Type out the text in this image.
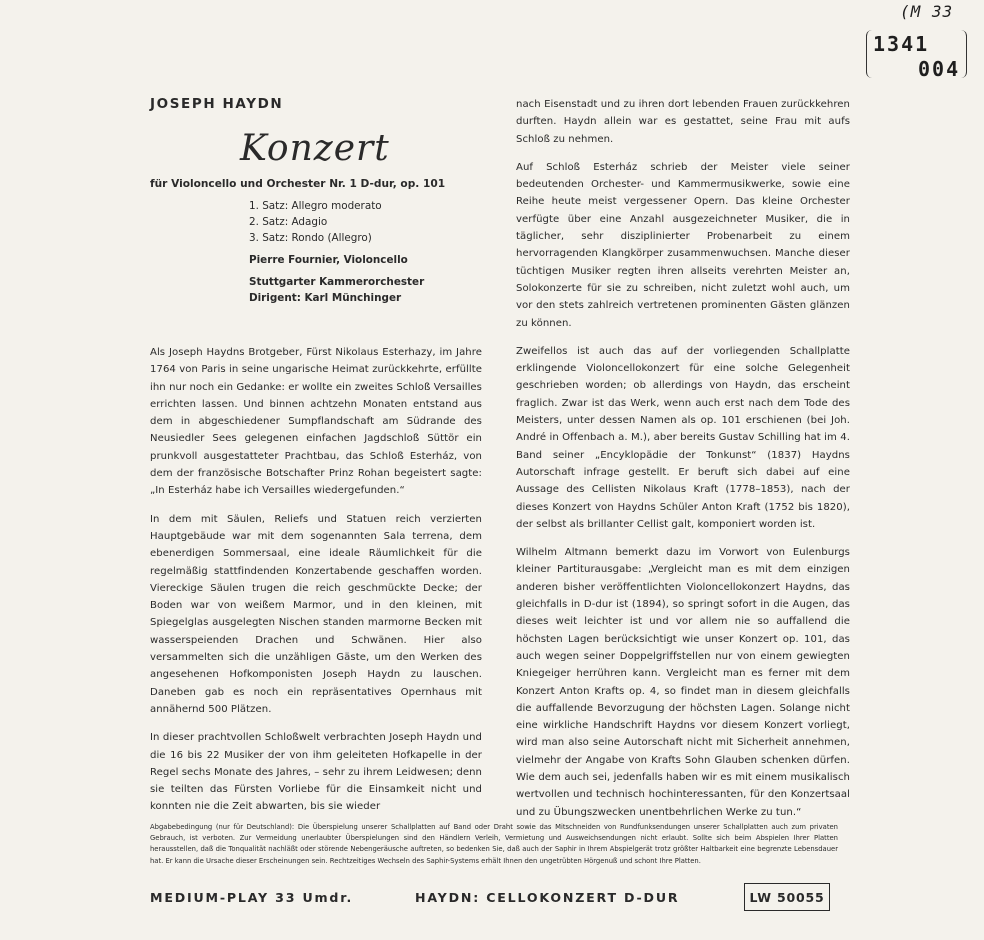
(M 33
1341
004
JOSEPH HAYDN
Konzert
für Violoncello und Orchester Nr. 1 D-dur, op. 101
1. Satz: Allegro moderato
2. Satz: Adagio
3. Satz: Rondo (Allegro)
Pierre Fournier, Violoncello
Stuttgarter Kammerorchester
Dirigent: Karl Münchinger

Als Joseph Haydns Brotgeber, Fürst Nikolaus Esterhazy, im Jahre 1764 von Paris in seine ungarische Heimat zurückkehrte, erfüllte ihn nur noch ein Gedanke: er wollte ein zweites Schloß Versailles errichten lassen. Und binnen achtzehn Monaten entstand aus dem in abgeschiedener Sumpflandschaft am Südrande des Neusiedler Sees gelegenen einfachen Jagdschloß Süttör ein prunkvoll ausgestatteter Prachtbau, das Schloß Esterház, von dem der französische Botschafter Prinz Rohan begeistert sagte: „In Esterház habe ich Versailles wiedergefunden.“

In dem mit Säulen, Reliefs und Statuen reich verzierten Hauptgebäude war mit dem sogenannten Sala terrena, dem ebenerdigen Sommersaal, eine ideale Räumlichkeit für die regelmäßig stattfindenden Konzertabende geschaffen worden. Viereckige Säulen trugen die reich geschmückte Decke; der Boden war von weißem Marmor, und in den kleinen, mit Spiegelglas ausgelegten Nischen standen marmorne Becken mit wasserspeienden Drachen und Schwänen. Hier also versammelten sich die unzähligen Gäste, um den Werken des angesehenen Hofkomponisten Joseph Haydn zu lauschen. Daneben gab es noch ein repräsentatives Opernhaus mit annähernd 500 Plätzen.

In dieser prachtvollen Schloßwelt verbrachten Joseph Haydn und die 16 bis 22 Musiker der von ihm geleiteten Hofkapelle in der Regel sechs Monate des Jahres, – sehr zu ihrem Leidwesen; denn sie teilten das Fürsten Vorliebe für die Einsamkeit nicht und konnten nie die Zeit abwarten, bis sie wieder

nach Eisenstadt und zu ihren dort lebenden Frauen zurückkehren durften. Haydn allein war es gestattet, seine Frau mit aufs Schloß zu nehmen.

Auf Schloß Esterház schrieb der Meister viele seiner bedeutenden Orchester- und Kammermusikwerke, sowie eine Reihe heute meist vergessener Opern. Das kleine Orchester verfügte über eine Anzahl ausgezeichneter Musiker, die in täglicher, sehr disziplinierter Probenarbeit zu einem hervorragenden Klangkörper zusammenwuchsen. Manche dieser tüchtigen Musiker regten ihren allseits verehrten Meister an, Solokonzerte für sie zu schreiben, nicht zuletzt wohl auch, um vor den stets zahlreich vertretenen prominenten Gästen glänzen zu können.

Zweifellos ist auch das auf der vorliegenden Schallplatte erklingende Violoncellokonzert für eine solche Gelegenheit geschrieben worden; ob allerdings von Haydn, das erscheint fraglich. Zwar ist das Werk, wenn auch erst nach dem Tode des Meisters, unter dessen Namen als op. 101 erschienen (bei Joh. André in Offenbach a. M.), aber bereits Gustav Schilling hat im 4. Band seiner „Encyklopädie der Tonkunst“ (1837) Haydns Autorschaft infrage gestellt. Er beruft sich dabei auf eine Aussage des Cellisten Nikolaus Kraft (1778–1853), nach der dieses Konzert von Haydns Schüler Anton Kraft (1752 bis 1820), der selbst als brillanter Cellist galt, komponiert worden ist.

Wilhelm Altmann bemerkt dazu im Vorwort von Eulenburgs kleiner Partiturausgabe: „Vergleicht man es mit dem einzigen anderen bisher veröffentlichten Violoncellokonzert Haydns, das gleichfalls in D-dur ist (1894), so springt sofort in die Augen, das dieses weit leichter ist und vor allem nie so auffallend die höchsten Lagen berücksichtigt wie unser Konzert op. 101, das auch wegen seiner Doppelgriffstellen nur von einem gewiegten Kniegeiger herrühren kann. Vergleicht man es ferner mit dem Konzert Anton Krafts op. 4, so findet man in diesem gleichfalls die auffallende Bevorzugung der höchsten Lagen. Solange nicht eine wirkliche Handschrift Haydns vor diesem Konzert vorliegt, wird man also seine Autorschaft nicht mit Sicherheit annehmen, vielmehr der Angabe von Krafts Sohn Glauben schenken dürfen. Wie dem auch sei, jedenfalls haben wir es mit einem musikalisch wertvollen und technisch hochinteressanten, für den Konzertsaal und zu Übungszwecken unentbehrlichen Werke zu tun.“

Abgabebedingung (nur für Deutschland): Die Überspielung unserer Schallplatten auf Band oder Draht sowie das Mitschneiden von Rundfunksendungen unserer Schallplatten auch zum privaten Gebrauch, ist verboten. Zur Vermeidung unerlaubter Überspielungen sind den Händlern Verleih, Vermietung und Ausweichsendungen nicht erlaubt. Sollte sich beim Abspielen Ihrer Platten herausstellen, daß die Tonqualität nachläßt oder störende Nebengeräusche auftreten, so bedenken Sie, daß auch der Saphir in Ihrem Abspielgerät trotz größter Haltbarkeit eine begrenzte Lebensdauer hat. Er kann die Ursache dieser Erscheinungen sein. Rechtzeitiges Wechseln des Saphir-Systems erhält Ihnen den ungetrübten Hörgenuß und schont Ihre Platten.
MEDIUM-PLAY 33 Umdr.	HAYDN: CELLOKONZERT D-DUR	LW 50055
